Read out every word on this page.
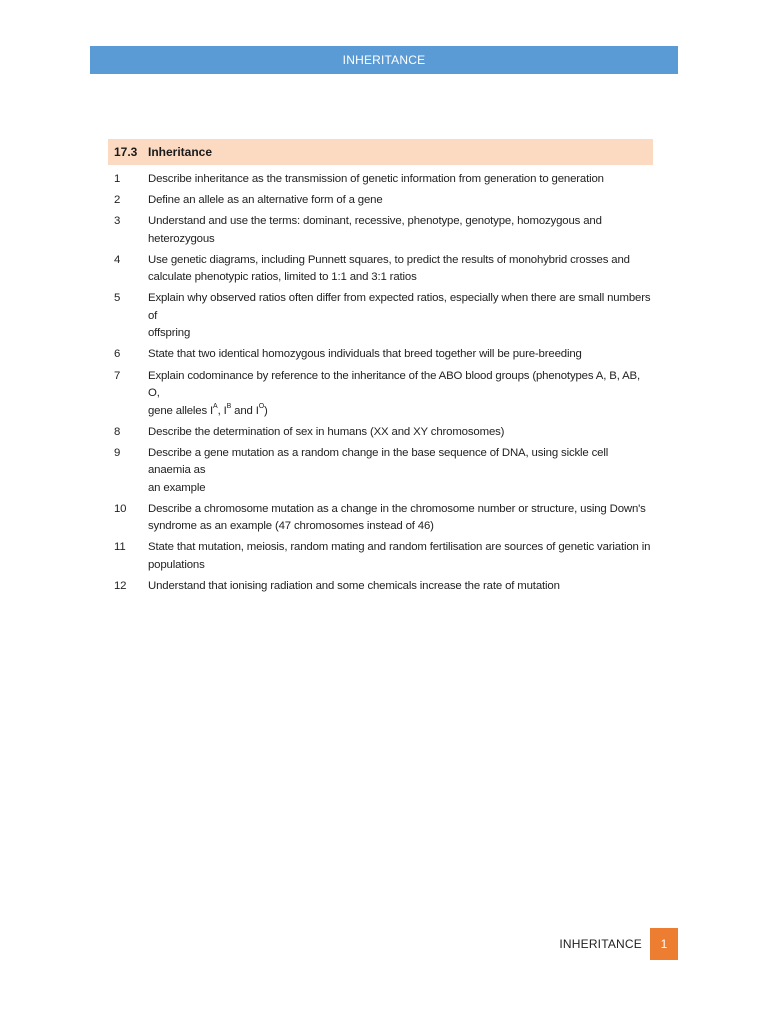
INHERITANCE
17.3 Inheritance
1	Describe inheritance as the transmission of genetic information from generation to generation
2	Define an allele as an alternative form of a gene
3	Understand and use the terms: dominant, recessive, phenotype, genotype, homozygous and heterozygous
4	Use genetic diagrams, including Punnett squares, to predict the results of monohybrid crosses and
calculate phenotypic ratios, limited to 1:1 and 3:1 ratios
5	Explain why observed ratios often differ from expected ratios, especially when there are small numbers of
offspring
6	State that two identical homozygous individuals that breed together will be pure-breeding
7	Explain codominance by reference to the inheritance of the ABO blood groups (phenotypes A, B, AB, O,
gene alleles $I^A$, $I^B$ and $I^O$)
8	Describe the determination of sex in humans (XX and XY chromosomes)
9	Describe a gene mutation as a random change in the base sequence of DNA, using sickle cell anaemia as
an example
10	Describe a chromosome mutation as a change in the chromosome number or structure, using Down's
syndrome as an example (47 chromosomes instead of 46)
11	State that mutation, meiosis, random mating and random fertilisation are sources of genetic variation in
populations
12	Understand that ionising radiation and some chemicals increase the rate of mutation
INHERITANCE	1
